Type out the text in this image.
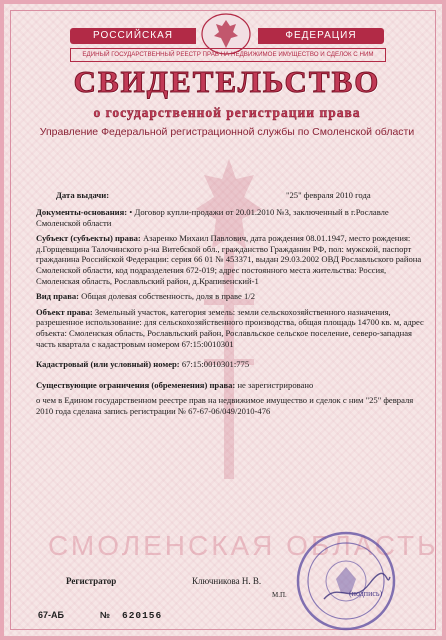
РОССИЙСКАЯ	ФЕДЕРАЦИЯ
ЕДИНЫЙ ГОСУДАРСТВЕННЫЙ РЕЕСТР ПРАВ НА НЕДВИЖИМОЕ ИМУЩЕСТВО И СДЕЛОК С НИМ
СВИДЕТЕЛЬСТВО
о государственной регистрации права
Управление Федеральной регистрационной службы по Смоленской области
Дата выдачи:	"25" февраля 2010 года

Документы-основания: • Договор купли-продажи от 20.01.2010 №3, заключенный в г.Рославле Смоленской области

Субъект (субъекты) права: Азаренко Михаил Павлович, дата рождения 08.01.1947, место рождения: д.Горщевщина Талочинского р-на Витебской обл., гражданство Гражданин РФ, пол: мужской, паспорт гражданина Российской Федерации: серия 66 01 № 453371, выдан 29.03.2002 ОВД Рославльского района Смоленской области, код подразделения 672-019; адрес постоянного места жительства: Россия, Смоленская область, Рославльский район, д.Крапивенский-1

Вид права: Общая долевая собственность, доля в праве 1/2

Объект права: Земельный участок, категория земель: земли сельскохозяйственного назначения, разрешенное использование: для сельскохозяйственного производства, общая площадь 14700 кв. м, адрес объекта: Смоленская область, Рославльский район, Рославльское сельское поселение, северо-западная часть квартала с кадастровым номером 67:15:0010301

Кадастровый (или условный) номер: 67:15:0010301:775

Существующие ограничения (обременения) права: не зарегистрировано

о чем в Едином государственном реестре прав на недвижимое имущество и сделок с ним "25" февраля 2010 года сделана запись регистрации № 67-67-06/049/2010-476

СМОЛЕНСКАЯ ОБЛАСТЬ
Регистратор	Ключникова Н. В.
М.П.	(подпись)
67-АБ	№ 620156
